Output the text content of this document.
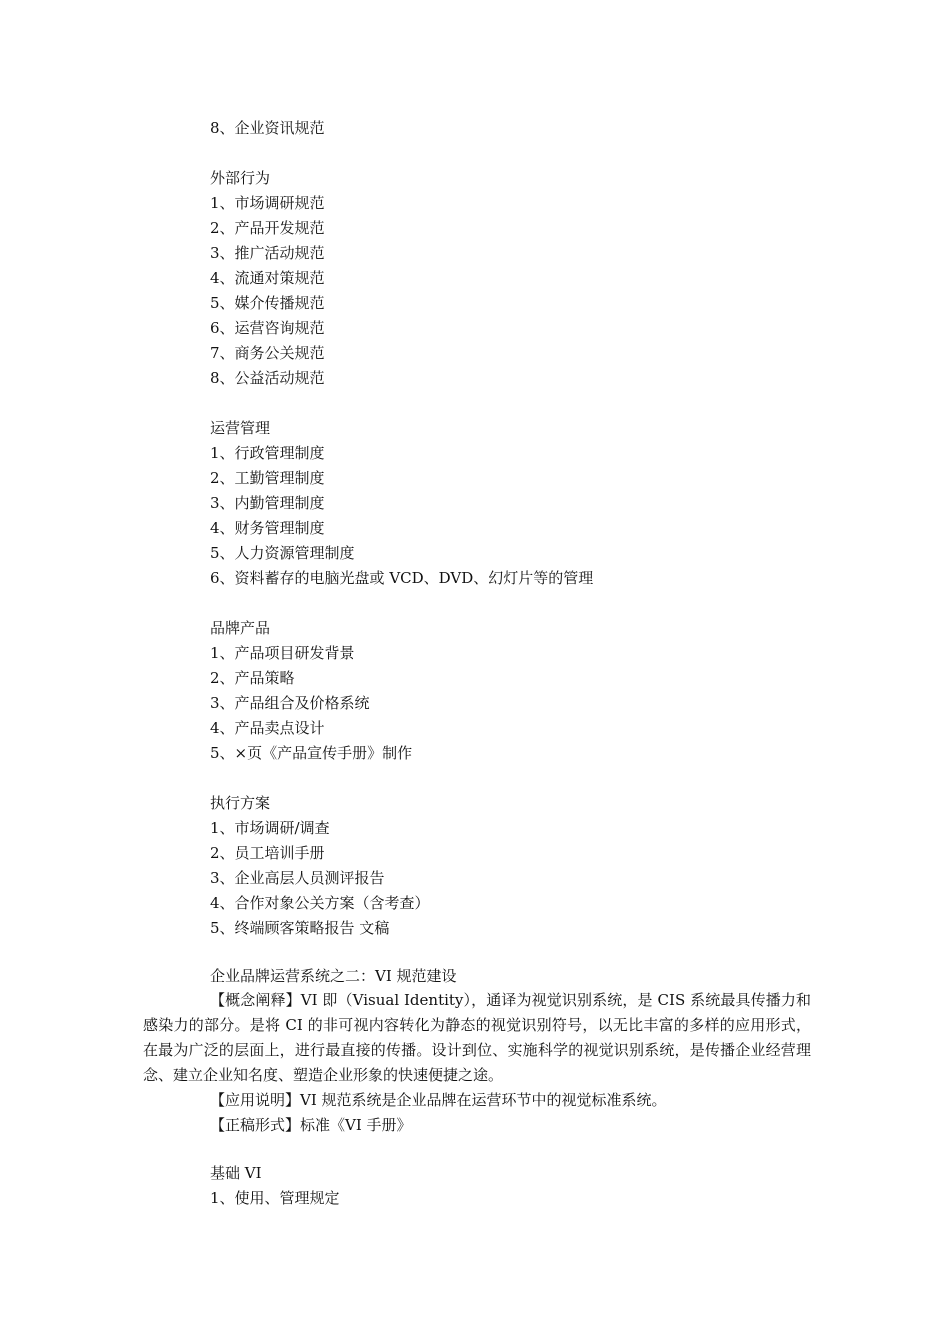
8、企业资讯规范
外部行为
1、市场调研规范
2、产品开发规范
3、推广活动规范
4、流通对策规范
5、媒介传播规范
6、运营咨询规范
7、商务公关规范
8、公益活动规范
运营管理
1、行政管理制度
2、工勤管理制度
3、内勤管理制度
4、财务管理制度
5、人力资源管理制度
6、资料蓄存的电脑光盘或 VCD、DVD、幻灯片等的管理
品牌产品
1、产品项目研发背景
2、产品策略
3、产品组合及价格系统
4、产品卖点设计
5、×页《产品宣传手册》制作
执行方案
1、市场调研/调查
2、员工培训手册
3、企业高层人员测评报告
4、合作对象公关方案（含考查）
5、终端顾客策略报告 文稿
企业品牌运营系统之二：VI 规范建设

【概念阐释】VI 即（Visual Identity），通译为视觉识别系统，是 CIS 系统最具传播力和感染力的部分。是将 CI 的非可视内容转化为静态的视觉识别符号，以无比丰富的多样的应用形式，在最为广泛的层面上，进行最直接的传播。设计到位、实施科学的视觉识别系统，是传播企业经营理念、建立企业知名度、塑造企业形象的快速便捷之途。

【应用说明】VI 规范系统是企业品牌在运营环节中的视觉标准系统。

【正稿形式】标准《VI 手册》

基础 VI
1、使用、管理规定
